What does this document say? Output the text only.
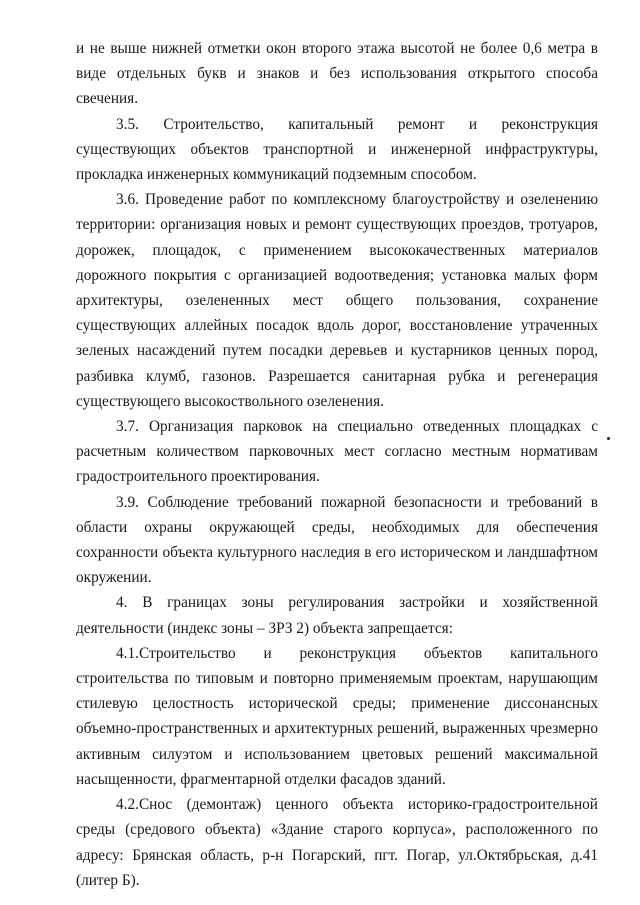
и не выше нижней отметки окон второго этажа высотой не более 0,6 метра в виде отдельных букв и знаков и без использования открытого способа свечения.

3.5. Строительство, капитальный ремонт и реконструкция существующих объектов транспортной и инженерной инфраструктуры, прокладка инженерных коммуникаций подземным способом.

3.6. Проведение работ по комплексному благоустройству и озеленению территории: организация новых и ремонт существующих проездов, тротуаров, дорожек, площадок, с применением высококачественных материалов дорожного покрытия с организацией водоотведения; установка малых форм архитектуры, озелененных мест общего пользования, сохранение существующих аллейных посадок вдоль дорог, восстановление утраченных зеленых насаждений путем посадки деревьев и кустарников ценных пород, разбивка клумб, газонов. Разрешается санитарная рубка и регенерация существующего высокоствольного озеленения.

3.7. Организация парковок на специально отведенных площадках с расчетным количеством парковочных мест согласно местным нормативам градостроительного проектирования.

3.9. Соблюдение требований пожарной безопасности и требований в области охраны окружающей среды, необходимых для обеспечения сохранности объекта культурного наследия в его историческом и ландшафтном окружении.

4. В границах зоны регулирования застройки и хозяйственной деятельности (индекс зоны – ЗРЗ 2) объекта запрещается:

4.1.Строительство и реконструкция объектов капитального строительства по типовым и повторно применяемым проектам, нарушающим стилевую целостность исторической среды; применение диссонансных объемно-пространственных и архитектурных решений, выраженных чрезмерно активным силуэтом и использованием цветовых решений максимальной насыщенности, фрагментарной отделки фасадов зданий.

4.2.Снос (демонтаж) ценного объекта историко-градостроительной среды (средового объекта) «Здание старого корпуса», расположенного по адресу: Брянская область, р-н Погарский, пгт. Погар, ул.Октябрьская, д.41 (литер Б).
